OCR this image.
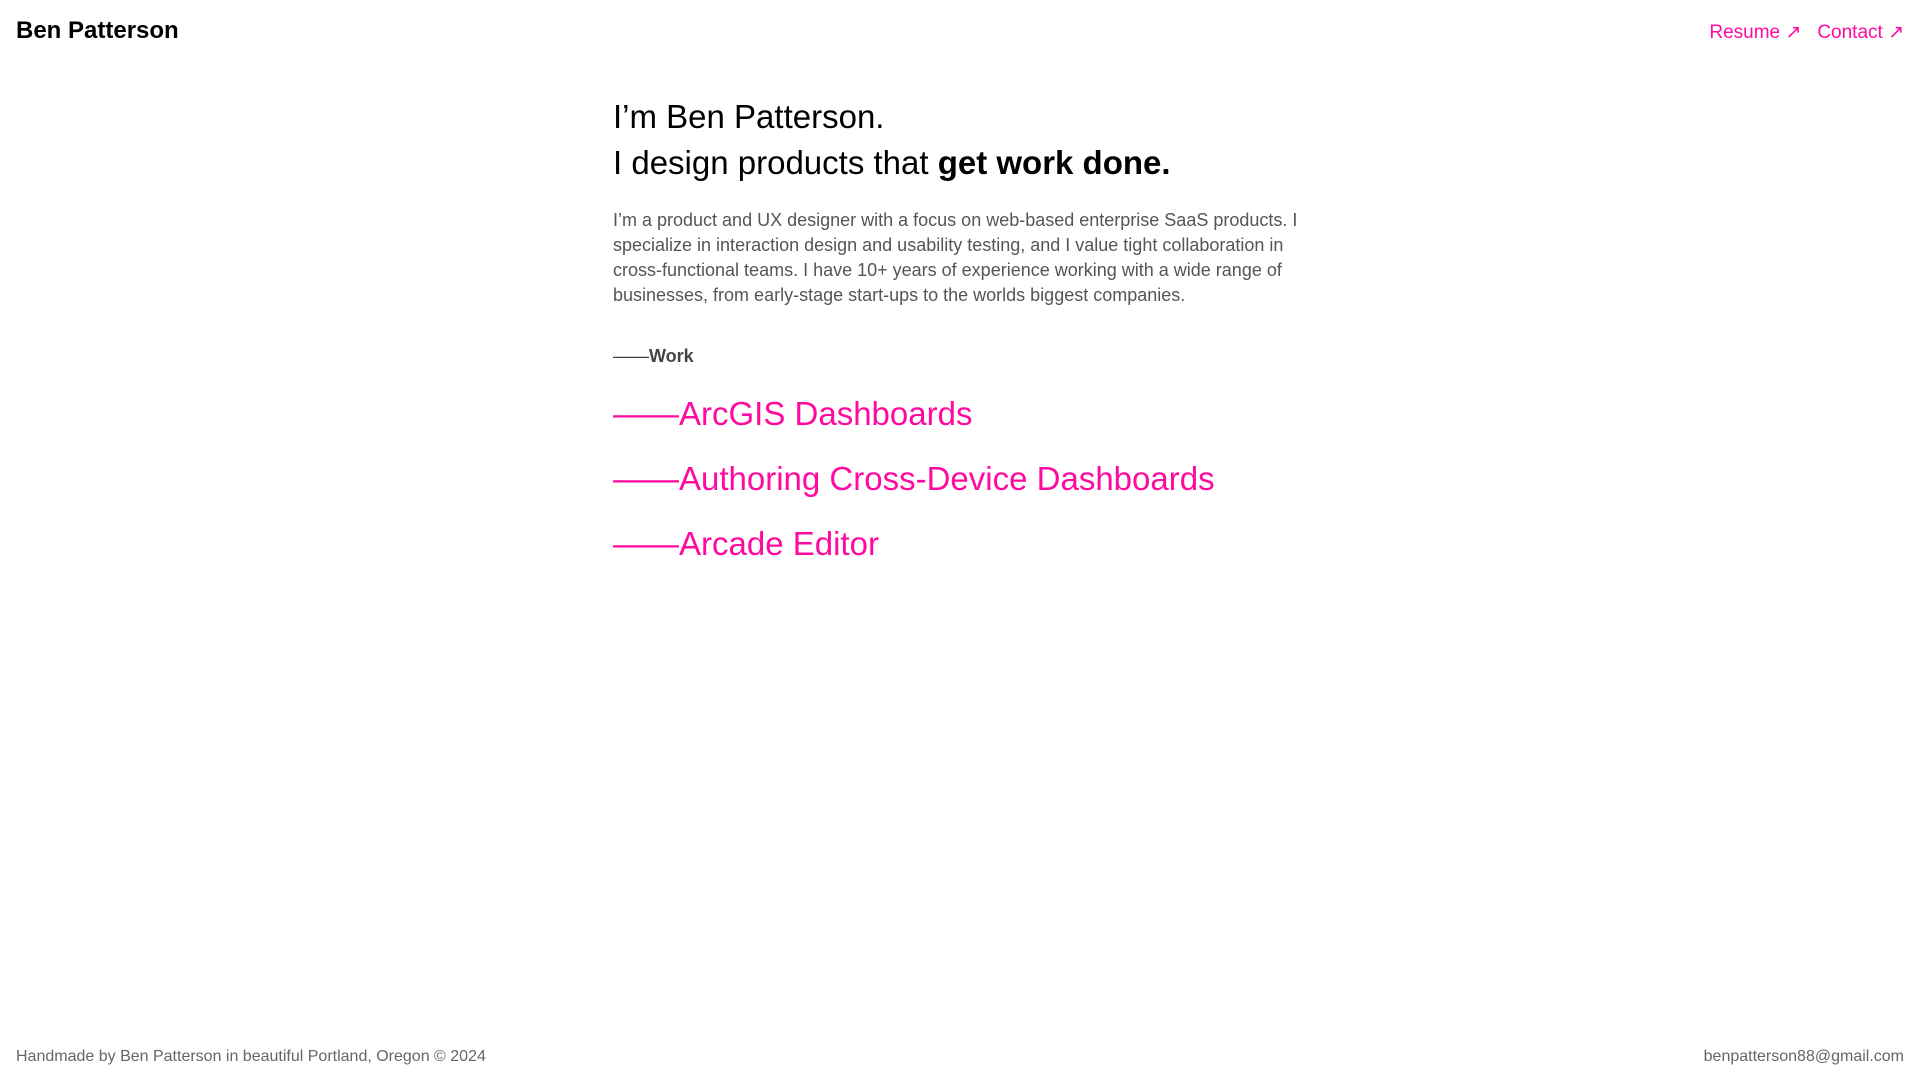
Ben Patterson	Resume ↗ Contact ↗
I’m Ben Patterson.
I design products that get work done.

I’m a product and UX designer with a focus on web-based enterprise SaaS products. I specialize in interaction design and usability testing, and I value tight collaboration in cross-functional teams. I have 10+ years of experience working with a wide range of businesses, from early-stage start-ups to the worlds biggest companies.

——Work
——ArcGIS Dashboards
——Authoring Cross-Device Dashboards
——Arcade Editor
Handmade by Ben Patterson in beautiful Portland, Oregon © 2024	benpatterson88@gmail.com
